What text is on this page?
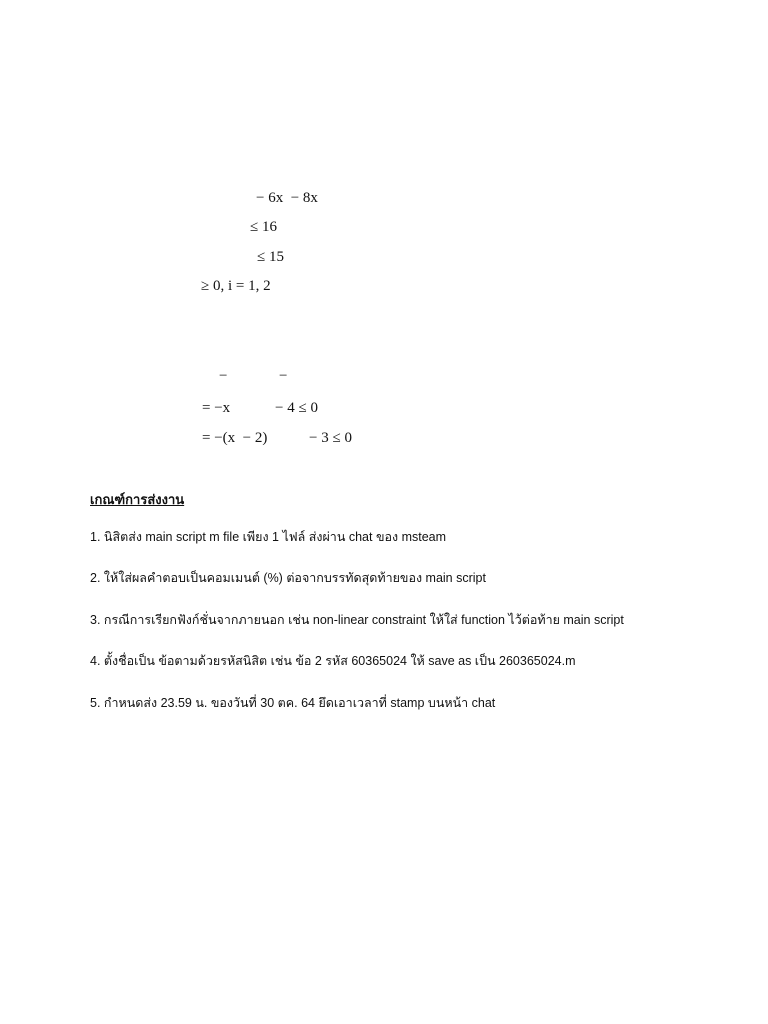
− 6x  − 8x
≤ 16
≤ 15
≥ 0, i = 1, 2
−	−
= −x	− 4 ≤ 0
= −(x  − 2)	− 3 ≤ 0
เกณฑ์การส่งงาน
1. นิสิตส่ง main script m file เพียง 1 ไฟล์ ส่งผ่าน chat ของ msteam
2. ให้ใส่ผลคำตอบเป็นคอมเมนต์ (%) ต่อจากบรรทัดสุดท้ายของ main script
3. กรณีการเรียกฟังก์ชั่นจากภายนอก เช่น non-linear constraint ให้ใส่ function ไว้ต่อท้าย main script
4. ตั้งชื่อเป็น ข้อตามด้วยรหัสนิสิต เช่น ข้อ 2 รหัส 60365024 ให้ save as เป็น 260365024.m
5. กำหนดส่ง 23.59 น. ของวันที่ 30 ตค. 64 ยึดเอาเวลาที่ stamp บนหน้า chat
